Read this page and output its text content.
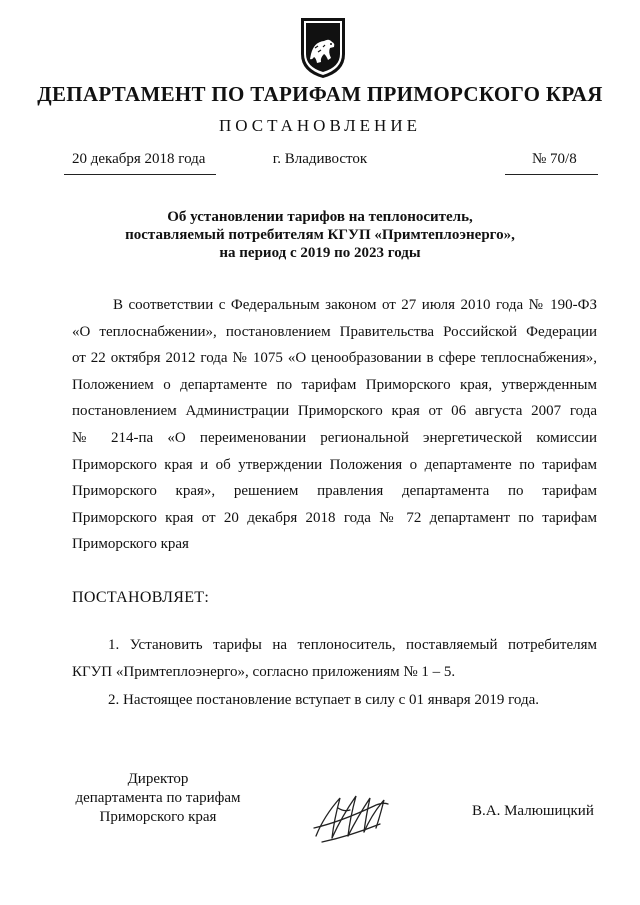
ДЕПАРТАМЕНТ ПО ТАРИФАМ ПРИМОРСКОГО КРАЯ
ПОСТАНОВЛЕНИЕ
20 декабря 2018 года	г. Владивосток	№ 70/8
Об установлении тарифов на теплоноситель,
поставляемый потребителям КГУП «Примтеплоэнерго»,
на период с 2019 по 2023 годы
В соответствии с Федеральным законом от 27 июля 2010 года № 190-ФЗ
«О теплоснабжении», постановлением Правительства Российской Федерации
от 22 октября 2012 года № 1075 «О ценообразовании в сфере теплоснабжения»,
Положением о департаменте по тарифам Приморского края, утвержденным
постановлением Администрации Приморского края от 06 августа 2007 года
№ 214-па «О переименовании региональной энергетической комиссии
Приморского края и об утверждении Положения о департаменте по тарифам
Приморского края», решением правления департамента по тарифам
Приморского края от 20 декабря 2018 года № 72 департамент по тарифам
Приморского края
ПОСТАНОВЛЯЕТ:
1. Установить тарифы на теплоноситель, поставляемый потребителям
КГУП «Примтеплоэнерго», согласно приложениям № 1 – 5.
2. Настоящее постановление вступает в силу с 01 января 2019 года.
Директор
департамента по тарифам
Приморского края	В.А. Малюшицкий
